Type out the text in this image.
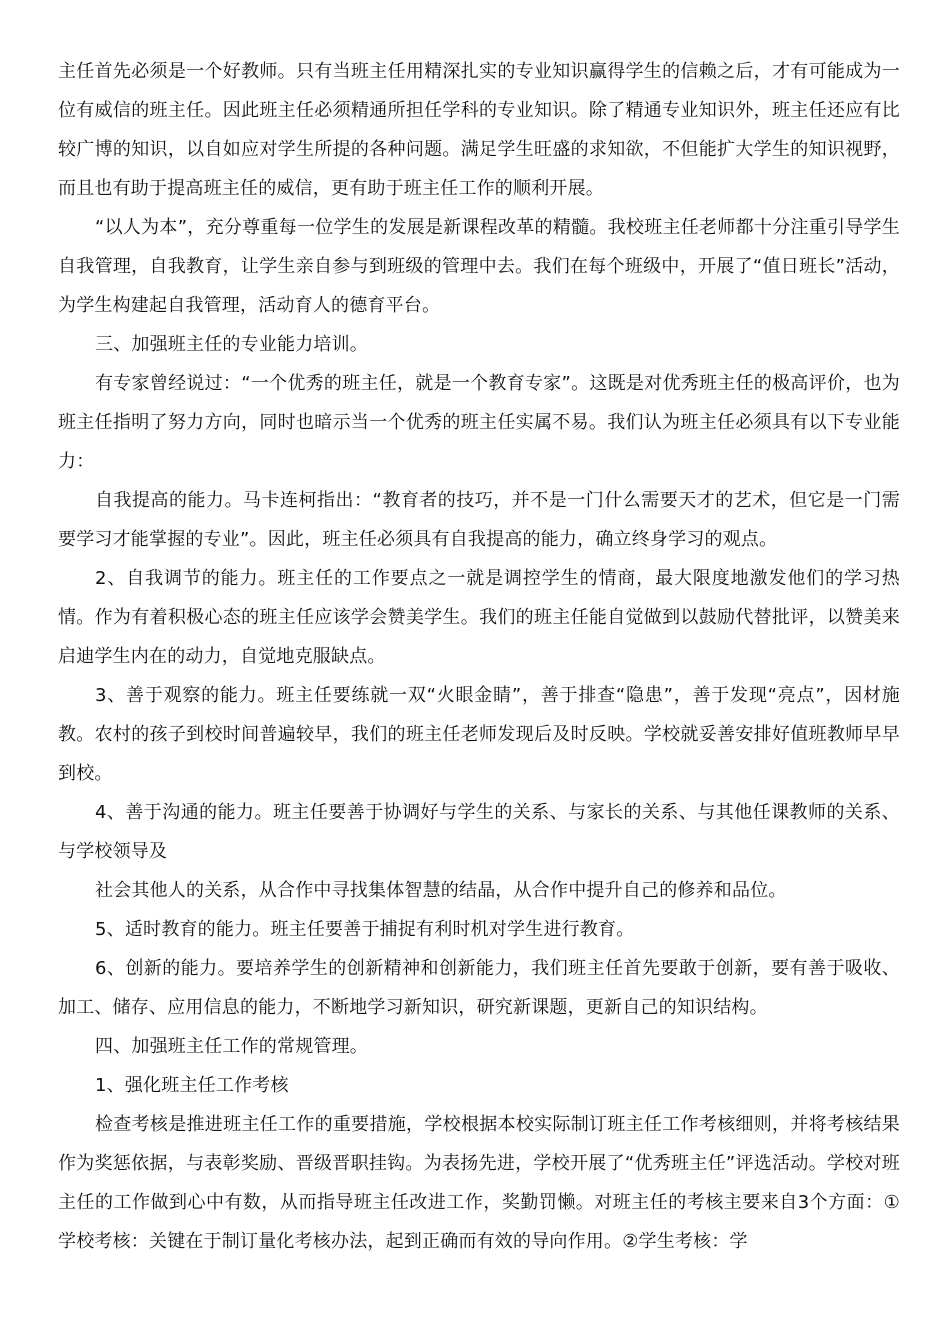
主任首先必须是一个好教师。只有当班主任用精深扎实的专业知识赢得学生的信赖之后，才有可能成为一位有威信的班主任。因此班主任必须精通所担任学科的专业知识。除了精通专业知识外，班主任还应有比较广博的知识，以自如应对学生所提的各种问题。满足学生旺盛的求知欲，不但能扩大学生的知识视野，而且也有助于提高班主任的威信，更有助于班主任工作的顺利开展。

“以人为本”，充分尊重每一位学生的发展是新课程改革的精髓。我校班主任老师都十分注重引导学生自我管理，自我教育，让学生亲自参与到班级的管理中去。我们在每个班级中，开展了“值日班长”活动，为学生构建起自我管理，活动育人的德育平台。

三、加强班主任的专业能力培训。

有专家曾经说过：“一个优秀的班主任，就是一个教育专家”。这既是对优秀班主任的极高评价，也为班主任指明了努力方向，同时也暗示当一个优秀的班主任实属不易。我们认为班主任必须具有以下专业能力：

自我提高的能力。马卡连柯指出：“教育者的技巧，并不是一门什么需要天才的艺术，但它是一门需要学习才能掌握的专业”。因此，班主任必须具有自我提高的能力，确立终身学习的观点。

2、自我调节的能力。班主任的工作要点之一就是调控学生的情商，最大限度地激发他们的学习热情。作为有着积极心态的班主任应该学会赞美学生。我们的班主任能自觉做到以鼓励代替批评，以赞美来启迪学生内在的动力，自觉地克服缺点。

3、善于观察的能力。班主任要练就一双“火眼金睛”，善于排查“隐患”，善于发现“亮点”，因材施教。农村的孩子到校时间普遍较早，我们的班主任老师发现后及时反映。学校就妥善安排好值班教师早早到校。

4、善于沟通的能力。班主任要善于协调好与学生的关系、与家长的关系、与其他任课教师的关系、与学校领导及

社会其他人的关系，从合作中寻找集体智慧的结晶，从合作中提升自己的修养和品位。

5、适时教育的能力。班主任要善于捕捉有利时机对学生进行教育。

6、创新的能力。要培养学生的创新精神和创新能力，我们班主任首先要敢于创新，要有善于吸收、加工、储存、应用信息的能力，不断地学习新知识，研究新课题，更新自己的知识结构。

四、加强班主任工作的常规管理。

1、强化班主任工作考核

检查考核是推进班主任工作的重要措施，学校根据本校实际制订班主任工作考核细则，并将考核结果作为奖惩依据，与表彰奖励、晋级晋职挂钩。为表扬先进，学校开展了“优秀班主任”评选活动。学校对班主任的工作做到心中有数，从而指导班主任改进工作，奖勤罚懒。对班主任的考核主要来自3个方面：①学校考核：关键在于制订量化考核办法，起到正确而有效的导向作用。②学生考核：学
